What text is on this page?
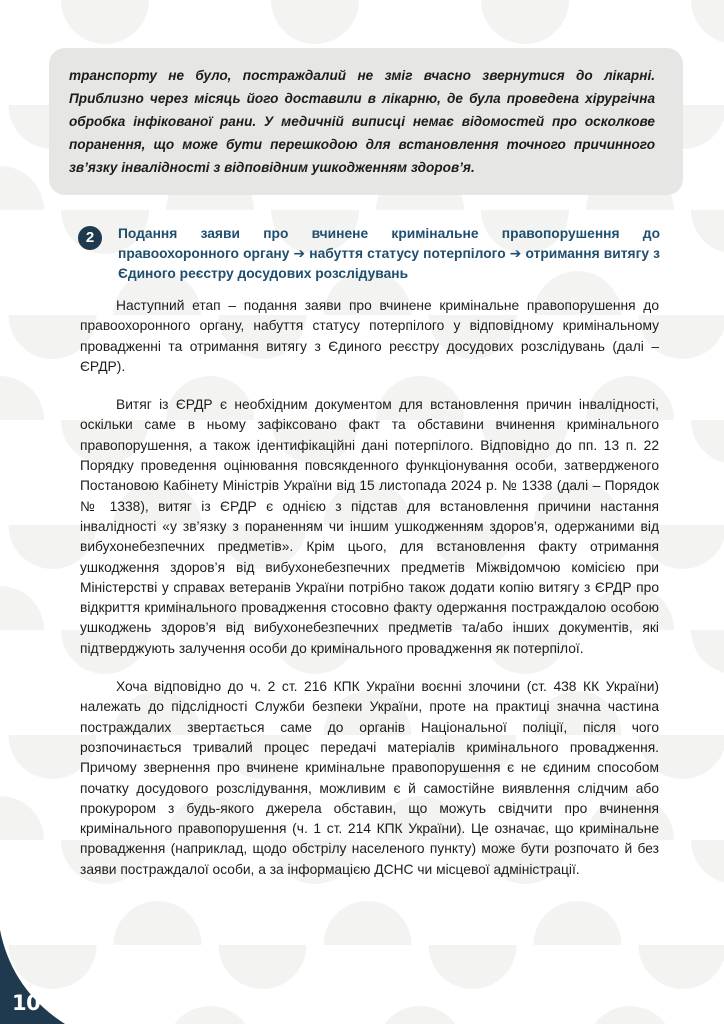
10

транспорту не було, постраждалий не зміг вчасно звернутися до лікарні. Приблизно через місяць його доставили в лікарню, де була проведена хірургічна обробка інфікованої рани. У медичній виписці немає відомостей про осколкове поранення, що може бути перешкодою для встановлення точного причинного зв’язку інвалідності з відповідним ушкодженням здоров’я.

2	Подання заяви про вчинене кримінальне правопорушення до правоохоронного органу ➔ набуття статусу потерпілого ➔ отримання витягу з Єдиного реєстру досудових розслідувань

Наступний етап – подання заяви про вчинене кримінальне правопорушення до правоохоронного органу, набуття статусу потерпілого у відповідному кримінальному провадженні та отримання витягу з Єдиного реєстру досудових розслідувань (далі – ЄРДР).

Витяг із ЄРДР є необхідним документом для встановлення причин інвалідності, оскільки саме в ньому зафіксовано факт та обставини вчинення кримінального правопорушення, а також ідентифікаційні дані потерпілого. Відповідно до пп. 13 п. 22 Порядку проведення оцінювання повсякденного функціонування особи, затвердженого Постановою Кабінету Міністрів України від 15 листопада 2024 р. № 1338 (далі – Порядок № 1338), витяг із ЄРДР є однією з підстав для встановлення причини настання інвалідності «у зв’язку з пораненням чи іншим ушкодженням здоров’я, одержаними від вибухонебезпечних предметів». Крім цього, для встановлення факту отримання ушкодження здоров’я від вибухонебезпечних предметів Міжвідомчою комісією при Міністерстві у справах ветеранів України потрібно також додати копію витягу з ЄРДР про відкриття кримінального провадження стосовно факту одержання постраждалою особою ушкоджень здоров’я від вибухонебезпечних предметів та/або інших документів, які підтверджують залучення особи до кримінального провадження як потерпілої.

Хоча відповідно до ч. 2 ст. 216 КПК України воєнні злочини (ст. 438 КК України) належать до підслідності Служби безпеки України, проте на практиці значна частина постраждалих звертається саме до органів Національної поліції, після чого розпочинається тривалий процес передачі матеріалів кримінального провадження. Причому звернення про вчинене кримінальне правопорушення є не єдиним способом початку досудового розслідування, можливим є й самостійне виявлення слідчим або прокурором з будь-якого джерела обставин, що можуть свідчити про вчинення кримінального правопорушення (ч. 1 ст. 214 КПК України). Це означає, що кримінальне провадження (наприклад, щодо обстрілу населеного пункту) може бути розпочато й без заяви постраждалої особи, а за інформацією ДСНС чи місцевої адміністрації.
